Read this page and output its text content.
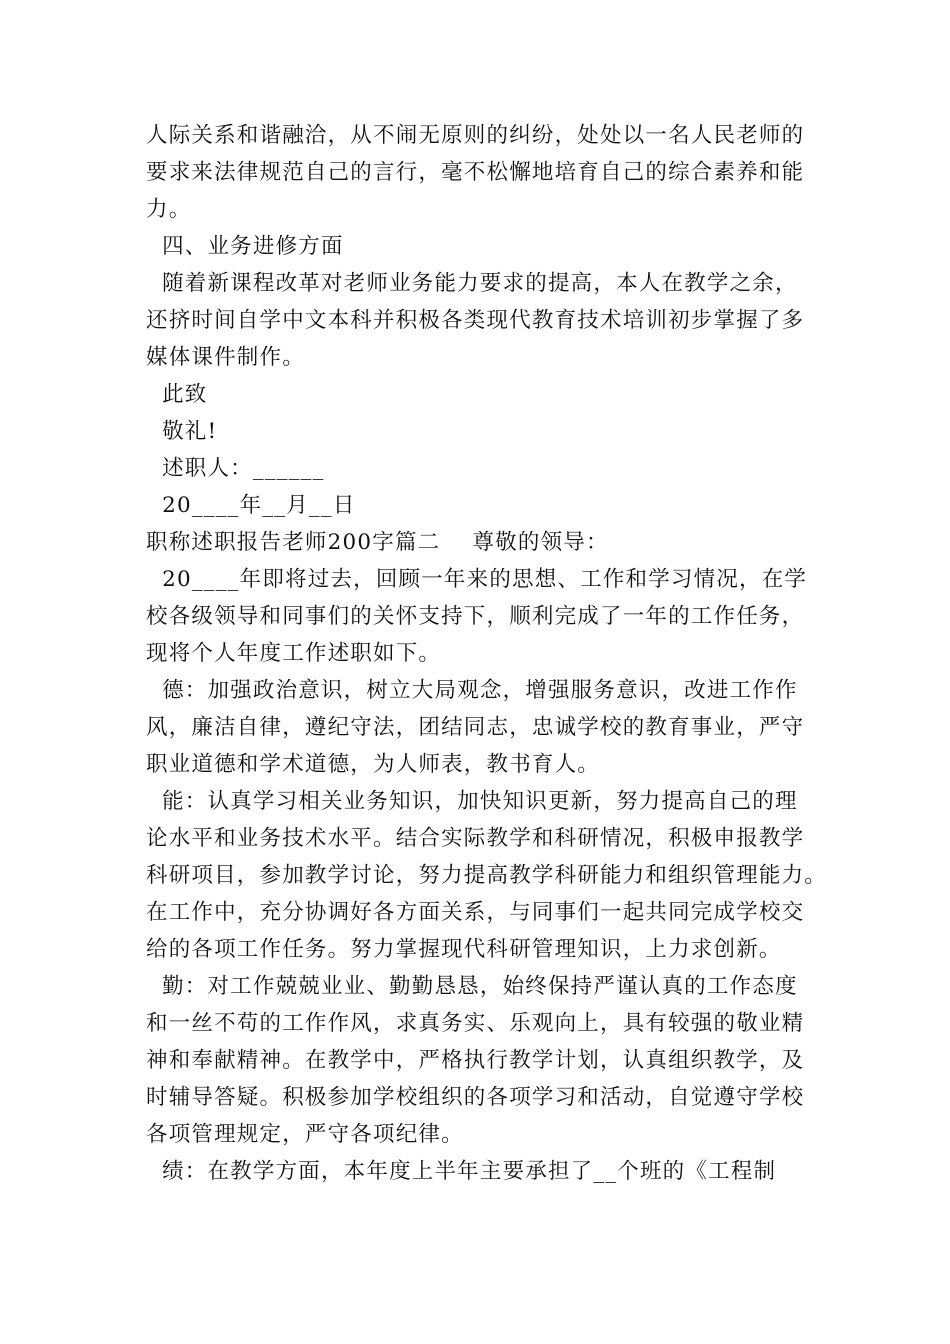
人际关系和谐融洽，从不闹无原则的纠纷，处处以一名人民老师的
要求来法律规范自己的言行，毫不松懈地培育自己的综合素养和能
力。
四、业务进修方面
随着新课程改革对老师业务能力要求的提高，本人在教学之余，
还挤时间自学中文本科并积极各类现代教育技术培训初步掌握了多
媒体课件制作。
此致
敬礼!
述职人：______
20____年__月__日
职称述职报告老师200字篇二    尊敬的领导：
20____年即将过去，回顾一年来的思想、工作和学习情况，在学
校各级领导和同事们的关怀支持下，顺利完成了一年的工作任务，
现将个人年度工作述职如下。
德：加强政治意识，树立大局观念，增强服务意识，改进工作作
风，廉洁自律，遵纪守法，团结同志，忠诚学校的教育事业，严守
职业道德和学术道德，为人师表，教书育人。
能：认真学习相关业务知识，加快知识更新，努力提高自己的理
论水平和业务技术水平。结合实际教学和科研情况，积极申报教学
科研项目，参加教学讨论，努力提高教学科研能力和组织管理能力。
在工作中，充分协调好各方面关系，与同事们一起共同完成学校交
给的各项工作任务。努力掌握现代科研管理知识，上力求创新。
勤：对工作兢兢业业、勤勤恳恳，始终保持严谨认真的工作态度
和一丝不苟的工作作风，求真务实、乐观向上，具有较强的敬业精
神和奉献精神。在教学中，严格执行教学计划，认真组织教学，及
时辅导答疑。积极参加学校组织的各项学习和活动，自觉遵守学校
各项管理规定，严守各项纪律。
绩：在教学方面，本年度上半年主要承担了__个班的《工程制
